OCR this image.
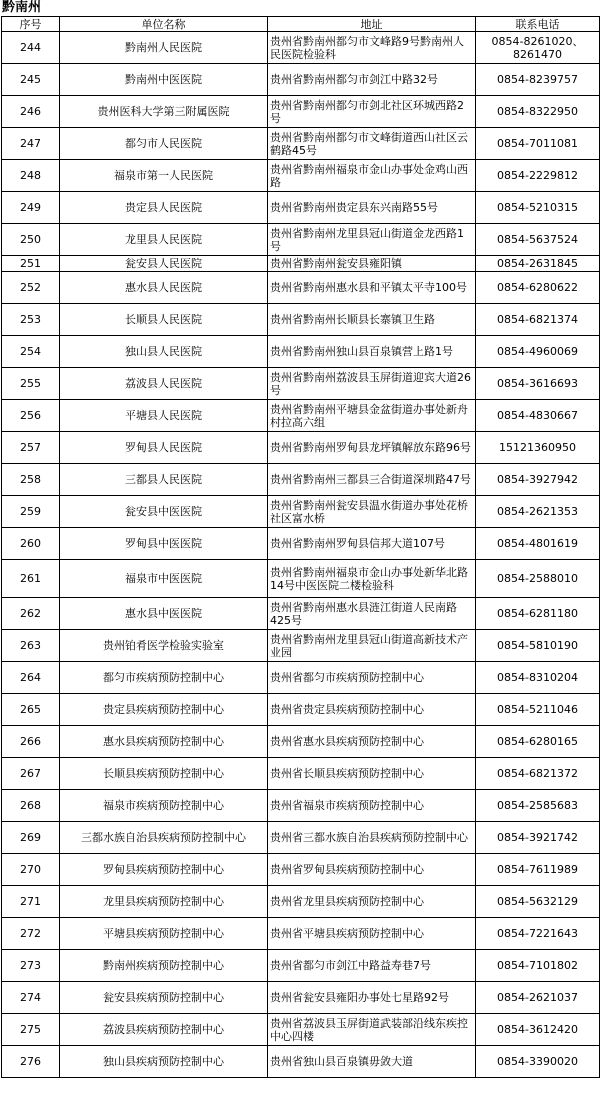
黔南州
序号	单位名称	地址	联系电话
244	黔南州人民医院	贵州省黔南州都匀市文峰路9号黔南州人民医院检验科	0854-8261020、8261470
245	黔南州中医医院	贵州省黔南州都匀市剑江中路32号	0854-8239757
246	贵州医科大学第三附属医院	贵州省黔南州都匀市剑北社区环城西路2号	0854-8322950
247	都匀市人民医院	贵州省黔南州都匀市文峰街道西山社区云鹤路45号	0854-7011081
248	福泉市第一人民医院	贵州省黔南州福泉市金山办事处金鸡山西路	0854-2229812
249	贵定县人民医院	贵州省黔南州贵定县东兴南路55号	0854-5210315
250	龙里县人民医院	贵州省黔南州龙里县冠山街道金龙西路1号	0854-5637524
251	瓮安县人民医院	贵州省黔南州瓮安县雍阳镇	0854-2631845
252	惠水县人民医院	贵州省黔南州惠水县和平镇太平寺100号	0854-6280622
253	长顺县人民医院	贵州省黔南州长顺县长寨镇卫生路	0854-6821374
254	独山县人民医院	贵州省黔南州独山县百泉镇营上路1号	0854-4960069
255	荔波县人民医院	贵州省黔南州荔波县玉屏街道迎宾大道26号	0854-3616693
256	平塘县人民医院	贵州省黔南州平塘县金盆街道办事处新舟村拉高六组	0854-4830667
257	罗甸县人民医院	贵州省黔南州罗甸县龙坪镇解放东路96号	15121360950
258	三都县人民医院	贵州省黔南州三都县三合街道深圳路47号	0854-3927942
259	瓮安县中医医院	贵州省黔南州瓮安县温水街道办事处花桥社区富水桥	0854-2621353
260	罗甸县中医医院	贵州省黔南州罗甸县信邦大道107号	0854-4801619
261	福泉市中医医院	贵州省黔南州福泉市金山办事处新华北路14号中医医院二楼检验科	0854-2588010
262	惠水县中医医院	贵州省黔南州惠水县涟江街道人民南路425号	0854-6281180
263	贵州铂肴医学检验实验室	贵州省黔南州龙里县冠山街道高新技术产业园	0854-5810190
264	都匀市疾病预防控制中心	贵州省都匀市疾病预防控制中心	0854-8310204
265	贵定县疾病预防控制中心	贵州省贵定县疾病预防控制中心	0854-5211046
266	惠水县疾病预防控制中心	贵州省惠水县疾病预防控制中心	0854-6280165
267	长顺县疾病预防控制中心	贵州省长顺县疾病预防控制中心	0854-6821372
268	福泉市疾病预防控制中心	贵州省福泉市疾病预防控制中心	0854-2585683
269	三都水族自治县疾病预防控制中心	贵州省三都水族自治县疾病预防控制中心	0854-3921742
270	罗甸县疾病预防控制中心	贵州省罗甸县疾病预防控制中心	0854-7611989
271	龙里县疾病预防控制中心	贵州省龙里县疾病预防控制中心	0854-5632129
272	平塘县疾病预防控制中心	贵州省平塘县疾病预防控制中心	0854-7221643
273	黔南州疾病预防控制中心	贵州省都匀市剑江中路益寿巷7号	0854-7101802
274	瓮安县疾病预防控制中心	贵州省瓮安县雍阳办事处七星路92号	0854-2621037
275	荔波县疾病预防控制中心	贵州省荔波县玉屏街道武装部沿线东疾控中心四楼	0854-3612420
276	独山县疾病预防控制中心	贵州省独山县百泉镇毋敛大道	0854-3390020
